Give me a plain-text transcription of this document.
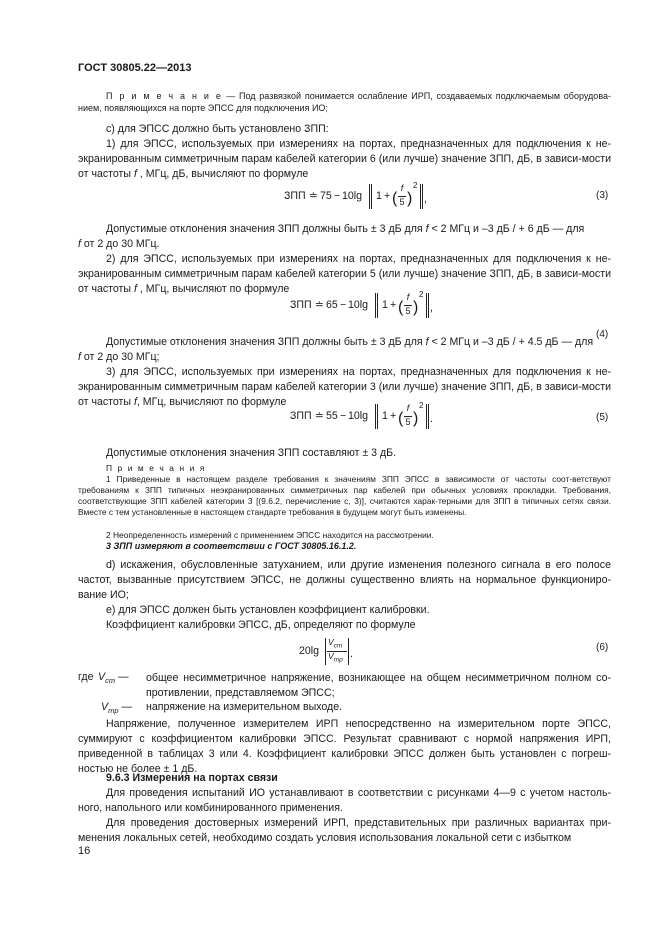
ГОСТ 30805.22—2013
П р и м е ч а н и е — Под развязкой понимается ослабление ИРП, создаваемых подключаемым оборудова-нием, появляющихся на порте ЭПСС для подключения ИО;
с) для ЭПСС должно быть установлено ЗПП:
1) для ЭПСС, используемых при измерениях на портах, предназначенных для подключения к не-экранированным симметричным парам кабелей категории 6 (или лучше) значение ЗПП, дБ, в зависи-мости от частоты f , МГц, дБ, вычисляют по формуле
ЗПП ≐ 75 − 10lg 1 + (
f
5 )
2
,	(3)
Допустимые отклонения значения ЗПП должны быть ± 3 дБ для f < 2 МГц и –3 дБ / + 6 дБ — для
f от 2 до 30 МГц.
2) для ЭПСС, используемых при измерениях на портах, предназначенных для подключения к не-экранированным симметричным парам кабелей категории 5 (или лучше) значение ЗПП, дБ, в зависи-мости от частоты f , МГц, вычисляют по формуле
ЗПП ≐ 65 − 10lg 1 + (
f
5 )
2
,
(4)
Допустимые отклонения значения ЗПП должны быть ± 3 дБ для f < 2 МГц и –3 дБ / + 4.5 дБ — для
f от 2 до 30 МГц;
3) для ЭПСС, используемых при измерениях на портах, предназначенных для подключения к не-экранированным симметричным парам кабелей категории 3 (или лучше) значение ЗПП, дБ, в зависи-мости от частоты f, МГц, вычисляют по формуле
ЗПП ≐ 55 − 10lg 1 + (
f
5 )
2
.	(5)
Допустимые отклонения значения ЗПП составляют ± 3 дБ.
П р и м е ч а н и я
1 Приведенные в настоящем разделе требования к значениям ЗПП ЭПСС в зависимости от частоты соот-ветствуют требованиям к ЗПП типичных неэкранированных симметричных пар кабелей при обычных условиях прокладки. Требования, соответствующие ЗПП кабелей категории 3 [(9.6.2, перечисление с, 3)], считаются харак-терными для ЗПП в типичных сетях связи. Вместе с тем установленные в настоящем стандарте требования в будущем могут быть изменены.
2 Неопределенность измерений с применением ЭПСС находится на рассмотрении.
3 ЗПП измеряют в соответствии с ГОСТ 30805.16.1.2.
d) искажения, обусловленные затуханием, или другие изменения полезного сигнала в его полосе частот, вызванные присутствием ЭПСС, не должны существенно влиять на нормальное функциониро-вание ИО;
е) для ЭПСС должен быть установлен коэффициент калибровки.
Коэффициент калибровки ЭПСС, дБ, определяют по формуле
20lg
$V_{cm}$
$V_{mp}$
.
(6)
где $V_{cm}$ — общее несимметричное напряжение, возникающее на общем несимметричном полном со-противлении, представляемом ЭПСС;
$V_{mp}$ — напряжение на измерительном выходе.
Напряжение, полученное измерителем ИРП непосредственно на измерительном порте ЭПСС, суммируют с коэффициентом калибровки ЭПСС. Результат сравнивают с нормой напряжения ИРП, приведенной в таблицах 3 или 4. Коэффициент калибровки ЭПСС должен быть установлен с погреш-ностью не более ± 1 дБ.
9.6.3 Измерения на портах связи
Для проведения испытаний ИО устанавливают в соответствии с рисунками 4—9 с учетом настоль-ного, напольного или комбинированного применения.
Для проведения достоверных измерений ИРП, представительных при различных вариантах при-менения локальных сетей, необходимо создать условия использования локальной сети с избытком
16
